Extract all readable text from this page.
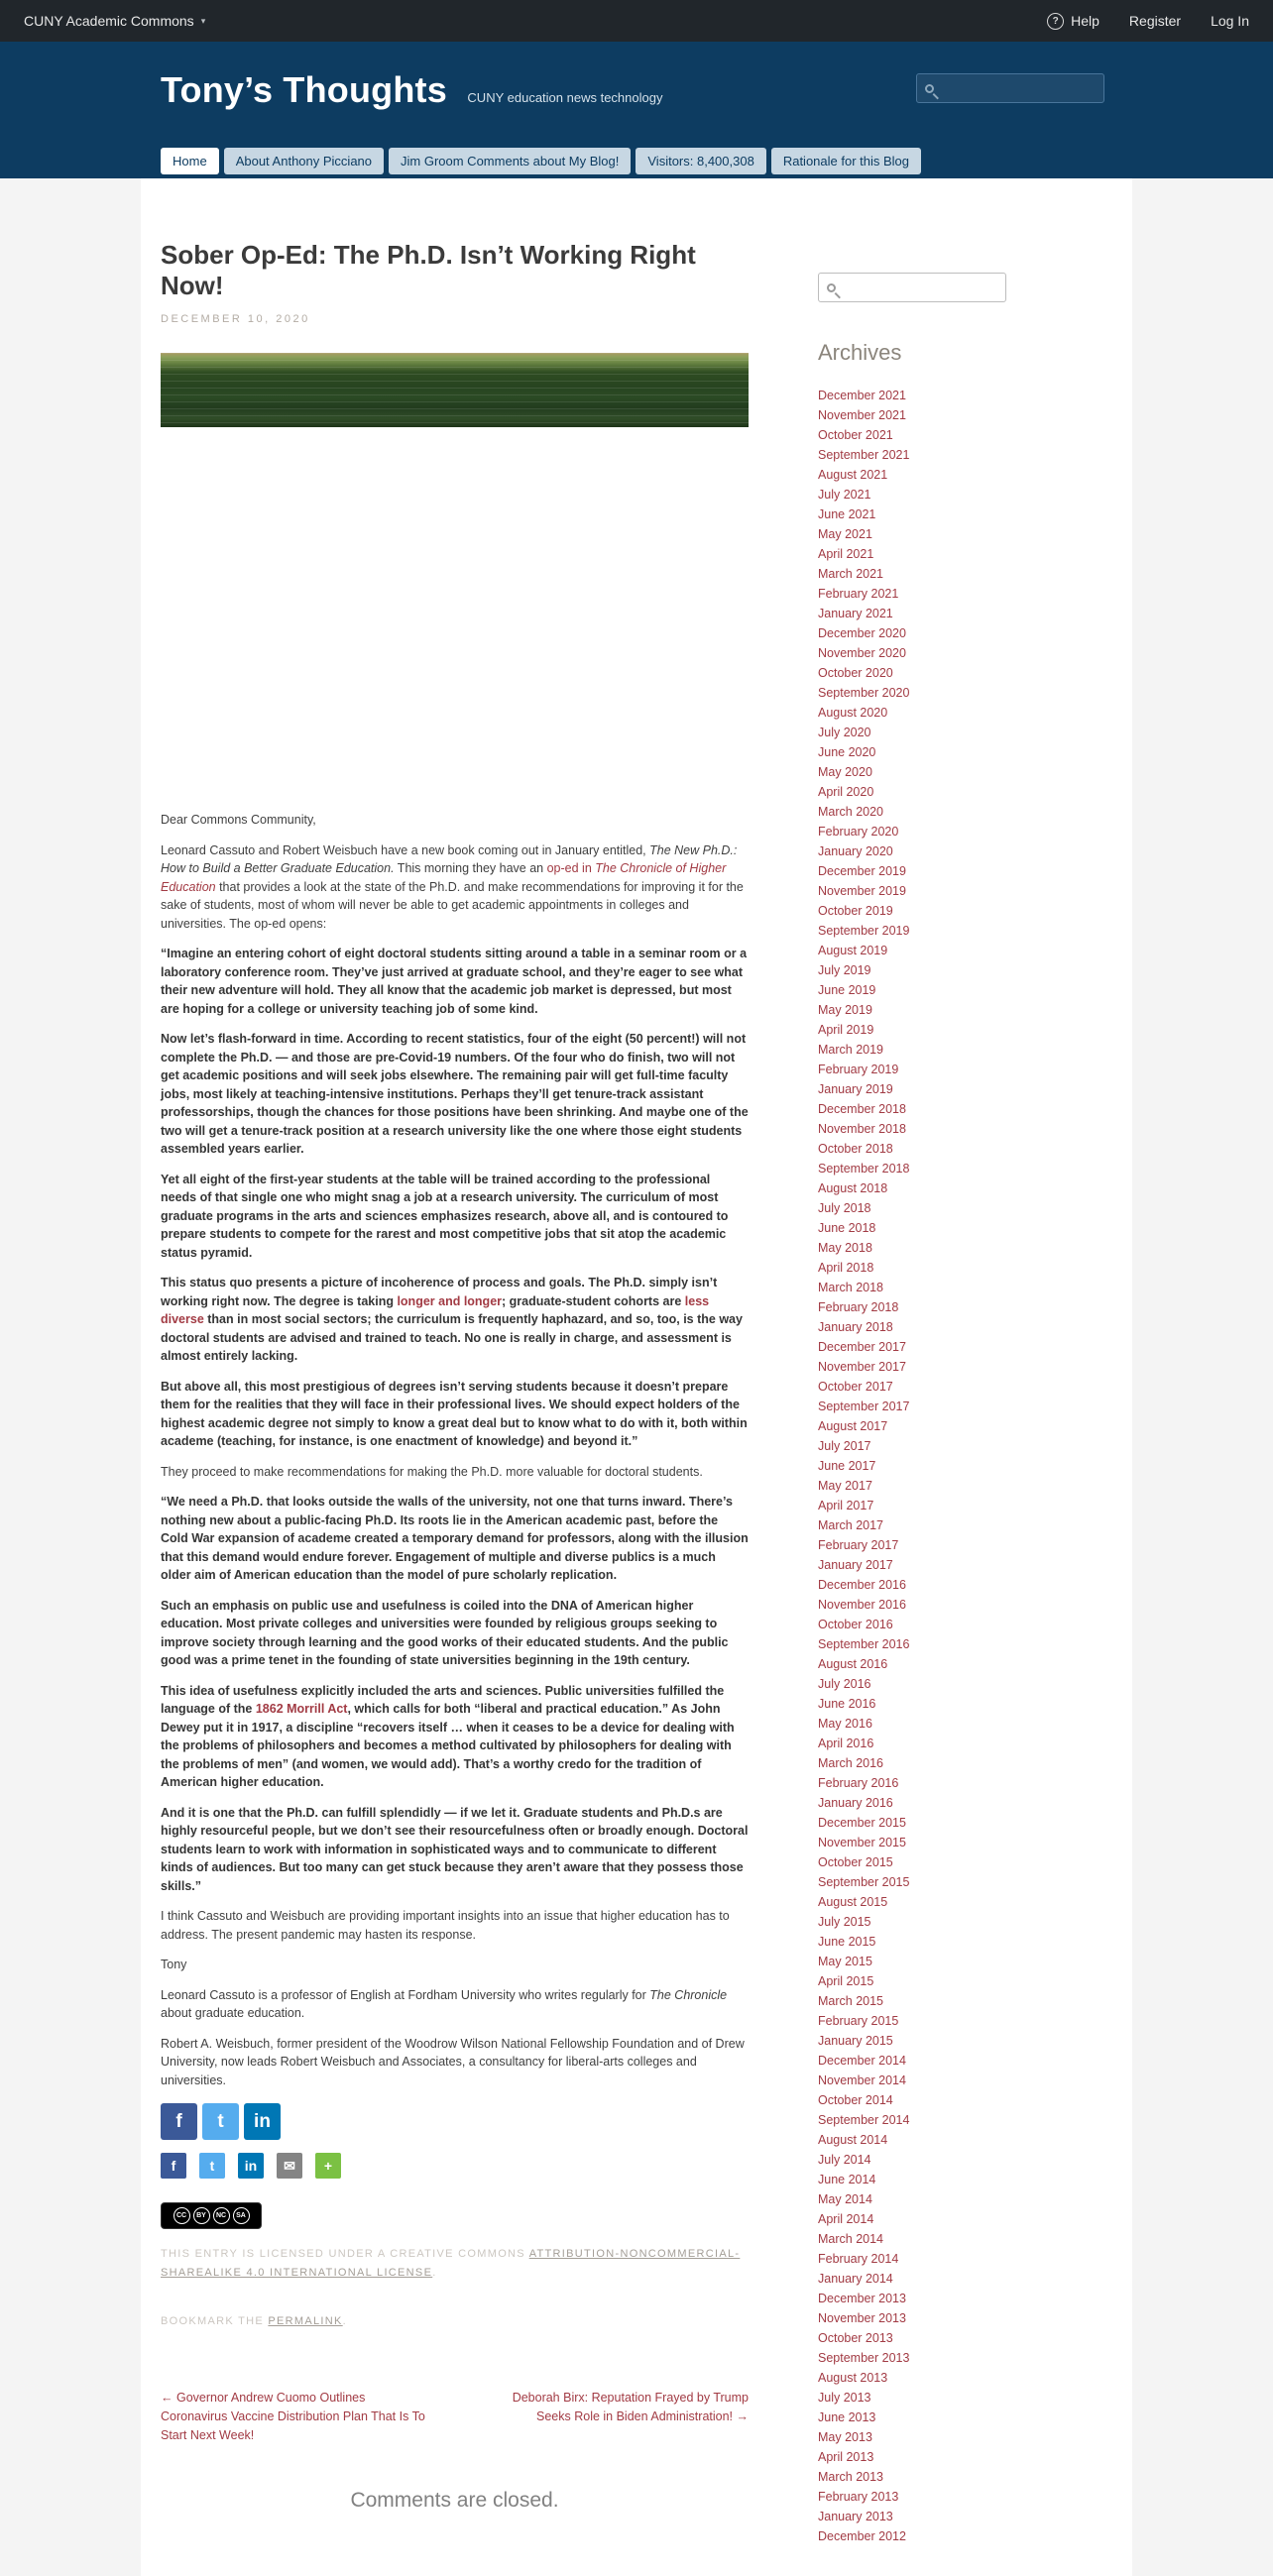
CUNY Academic Commons ▾	? Help Register Log In
Tony’s Thoughts CUNY education news technology
Home	About Anthony Picciano	Jim Groom Comments about My Blog!	Visitors: 8,400,308	Rationale for this Blog
Sober Op-Ed: The Ph.D. Isn’t Working Right Now!
DECEMBER 10, 2020

Dear Commons Community,

Leonard Cassuto and Robert Weisbuch have a new book coming out in January entitled, The New Ph.D.: How to Build a Better Graduate Education. This morning they have an op-ed in The Chronicle of Higher Education that provides a look at the state of the Ph.D. and make recommendations for improving it for the sake of students, most of whom will never be able to get academic appointments in colleges and universities. The op-ed opens:

“Imagine an entering cohort of eight doctoral students sitting around a table in a seminar room or a laboratory conference room. They’ve just arrived at graduate school, and they’re eager to see what their new adventure will hold. They all know that the academic job market is depressed, but most are hoping for a college or university teaching job of some kind.

Now let’s flash-forward in time. According to recent statistics, four of the eight (50 percent!) will not complete the Ph.D. — and those are pre-Covid-19 numbers. Of the four who do finish, two will not get academic positions and will seek jobs elsewhere. The remaining pair will get full-time faculty jobs, most likely at teaching-intensive institutions. Perhaps they’ll get tenure-track assistant professorships, though the chances for those positions have been shrinking. And maybe one of the two will get a tenure-track position at a research university like the one where those eight students assembled years earlier.

Yet all eight of the first-year students at the table will be trained according to the professional needs of that single one who might snag a job at a research university. The curriculum of most graduate programs in the arts and sciences emphasizes research, above all, and is contoured to prepare students to compete for the rarest and most competitive jobs that sit atop the academic status pyramid.

This status quo presents a picture of incoherence of process and goals. The Ph.D. simply isn’t working right now. The degree is taking longer and longer; graduate-student cohorts are less diverse than in most social sectors; the curriculum is frequently haphazard, and so, too, is the way doctoral students are advised and trained to teach. No one is really in charge, and assessment is almost entirely lacking.

But above all, this most prestigious of degrees isn’t serving students because it doesn’t prepare them for the realities that they will face in their professional lives. We should expect holders of the highest academic degree not simply to know a great deal but to know what to do with it, both within academe (teaching, for instance, is one enactment of knowledge) and beyond it.”

They proceed to make recommendations for making the Ph.D. more valuable for doctoral students.

“We need a Ph.D. that looks outside the walls of the university, not one that turns inward. There’s nothing new about a public-facing Ph.D. Its roots lie in the American academic past, before the Cold War expansion of academe created a temporary demand for professors, along with the illusion that this demand would endure forever. Engagement of multiple and diverse publics is a much older aim of American education than the model of pure scholarly replication.

Such an emphasis on public use and usefulness is coiled into the DNA of American higher education. Most private colleges and universities were founded by religious groups seeking to improve society through learning and the good works of their educated students. And the public good was a prime tenet in the founding of state universities beginning in the 19th century.

This idea of usefulness explicitly included the arts and sciences. Public universities fulfilled the language of the 1862 Morrill Act, which calls for both “liberal and practical education.” As John Dewey put it in 1917, a discipline “recovers itself … when it ceases to be a device for dealing with the problems of philosophers and becomes a method cultivated by philosophers for dealing with the problems of men” (and women, we would add). That’s a worthy credo for the tradition of American higher education.

And it is one that the Ph.D. can fulfill splendidly — if we let it. Graduate students and Ph.D.s are highly resourceful people, but we don’t see their resourcefulness often or broadly enough. Doctoral students learn to work with information in sophisticated ways and to communicate to different kinds of audiences. But too many can get stuck because they aren’t aware that they possess those skills.”

I think Cassuto and Weisbuch are providing important insights into an issue that higher education has to address. The present pandemic may hasten its response.

Tony

Leonard Cassuto is a professor of English at Fordham University who writes regularly for The Chronicle about graduate education.

Robert A. Weisbuch, former president of the Woodrow Wilson National Fellowship Foundation and of Drew University, now leads Robert Weisbuch and Associates, a consultancy for liberal-arts colleges and universities.

f t in
f t in ✉ +
CC	BY	NC	SA

THIS ENTRY IS LICENSED UNDER A CREATIVE COMMONS ATTRIBUTION-NONCOMMERCIAL-SHAREALIKE 4.0 INTERNATIONAL LICENSE.

BOOKMARK THE PERMALINK.

← Governor Andrew Cuomo Outlines Coronavirus Vaccine Distribution Plan That Is To Start Next Week!
Deborah Birx: Reputation Frayed by Trump Seeks Role in Biden Administration! →
Comments are closed.
Archives
December 2021
November 2021
October 2021
September 2021
August 2021
July 2021
June 2021
May 2021
April 2021
March 2021
February 2021
January 2021
December 2020
November 2020
October 2020
September 2020
August 2020
July 2020
June 2020
May 2020
April 2020
March 2020
February 2020
January 2020
December 2019
November 2019
October 2019
September 2019
August 2019
July 2019
June 2019
May 2019
April 2019
March 2019
February 2019
January 2019
December 2018
November 2018
October 2018
September 2018
August 2018
July 2018
June 2018
May 2018
April 2018
March 2018
February 2018
January 2018
December 2017
November 2017
October 2017
September 2017
August 2017
July 2017
June 2017
May 2017
April 2017
March 2017
February 2017
January 2017
December 2016
November 2016
October 2016
September 2016
August 2016
July 2016
June 2016
May 2016
April 2016
March 2016
February 2016
January 2016
December 2015
November 2015
October 2015
September 2015
August 2015
July 2015
June 2015
May 2015
April 2015
March 2015
February 2015
January 2015
December 2014
November 2014
October 2014
September 2014
August 2014
July 2014
June 2014
May 2014
April 2014
March 2014
February 2014
January 2014
December 2013
November 2013
October 2013
September 2013
August 2013
July 2013
June 2013
May 2013
April 2013
March 2013
February 2013
January 2013
December 2012
